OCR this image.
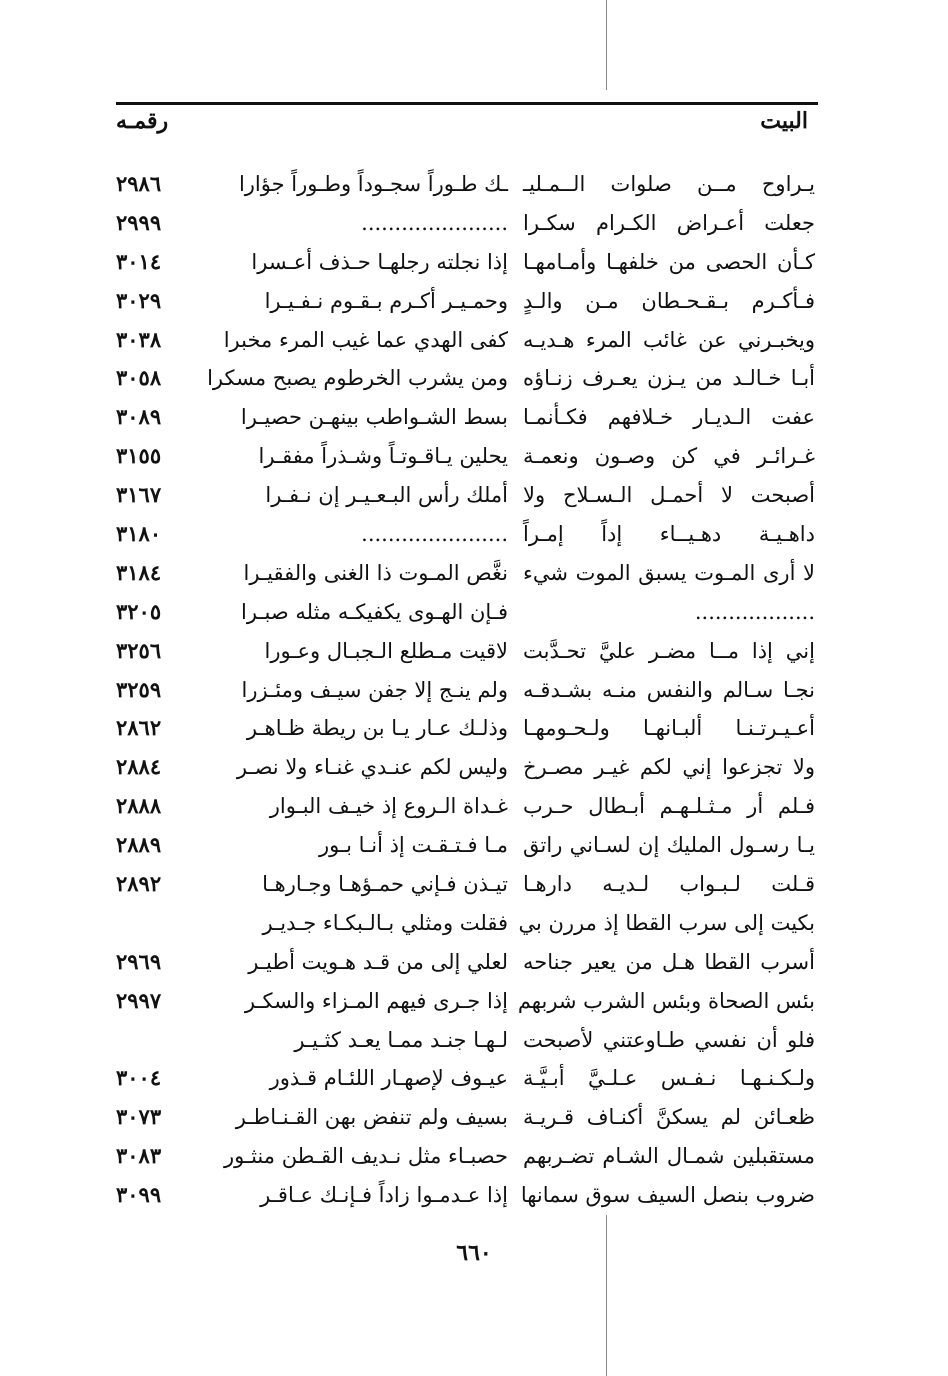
البيت
رقمـه
يـراوح مــن صلوات الــمـليـ
ـك طـوراً سجـوداً وطـوراً جؤارا
٢٩٨٦
جعلت أعـراض الكـرام سكـرا
......................
٢٩٩٩
كـأن الحصى من خلفهـا وأمـامهـا
إذا نجلته رجلهـا حـذف أعـسرا
٣٠١٤
فـأكـرم بـقـحـطان مـن والـدٍ
وحمـيـر أكـرم بـقـوم نـفـيـرا
٣٠٢٩
ويخبـرني عن غائب المرء هـديـه
كفى الهدي عما غيب المرء مخبرا
٣٠٣٨
أبـا خـالـد من يـزن يعـرف زنـاؤه
ومن يشرب الخرطوم يصبح مسكرا
٣٠٥٨
عفت الـديـار خـلافهم فكـأنمـا
بسط الشـواطب بينهـن حصيـرا
٣٠٨٩
غـرائـر في كن وصـون ونعمـة
يحلين يـاقـوتـاً وشـذراً مفقـرا
٣١٥٥
أصبحت لا أحمـل الـسـلاح ولا
أملك رأس البـعـيـر إن نـفـرا
٣١٦٧
داهـيـة دهـيــاء إداً إمـراً
......................
٣١٨٠
لا أرى المـوت يسبق الموت شيء
نغَّص المـوت ذا الغنى والفقيـرا
٣١٨٤
..................
فـإن الهـوى يكفيكـه مثله صبـرا
٣٢٠٥
إني إذا مــا مضـر عليَّ تحـدَّبت
لاقيت مـطلع الـجبـال وعـورا
٣٢٥٦
نجـا سـالم والنفس منـه بشـدقـه
ولم ينـج إلا جفن سيـف ومئـزرا
٣٢٥٩
أعـيـرتـنـا ألبـانهـا ولـحـومهـا
وذلـك عـار يـا بن ريطة ظـاهـر
٢٨٦٢
ولا تجزعوا إني لكم غيـر مصـرخ
وليس لكم عنـدي غنـاء ولا نصـر
٢٨٨٤
فـلم أر مـثـلـهـم أبـطال حـرب
غـداة الـروع إذ خيـف البـوار
٢٨٨٨
يـا رسـول المليك إن لسـاني راتق
مـا فـتـقـت إذ أنـا بـور
٢٨٨٩
قـلت لـبـواب لـديـه دارهـا
تيـذن فـإني حمـؤهـا وجـارهـا
٢٨٩٢
بكيت إلى سرب القطا إذ مررن بي
فقلت ومثلي بـالـبكـاء جـديـر
أسرب القطا هـل من يعير جناحه
لعلي إلى من قـد هـويت أطيـر
٢٩٦٩
بئس الصحاة وبئس الشرب شربهم
إذا جـرى فيهم المـزاء والسكـر
٢٩٩٧
فلو أن نفسي طـاوعتني لأصبحت
لـهـا جنـد ممـا يعـد كثـيـر
ولـكـنـهـا نـفـس عـلـيَّ أبـيَّـة
عيـوف لإصهـار اللئـام قـذور
٣٠٠٤
ظعـائن لم يسكنَّ أكنـاف قـريـة
بسيف ولم تنفض بهن القـنـاطـر
٣٠٧٣
مستقبلين شمـال الشـام تضـربهم
حصبـاء مثل نـديف القـطن منثـور
٣٠٨٣
ضروب بنصل السيف سوق سمانها
إذا عـدمـوا زاداً فـإنـك عـاقـر
٣٠٩٩
٦٦٠
